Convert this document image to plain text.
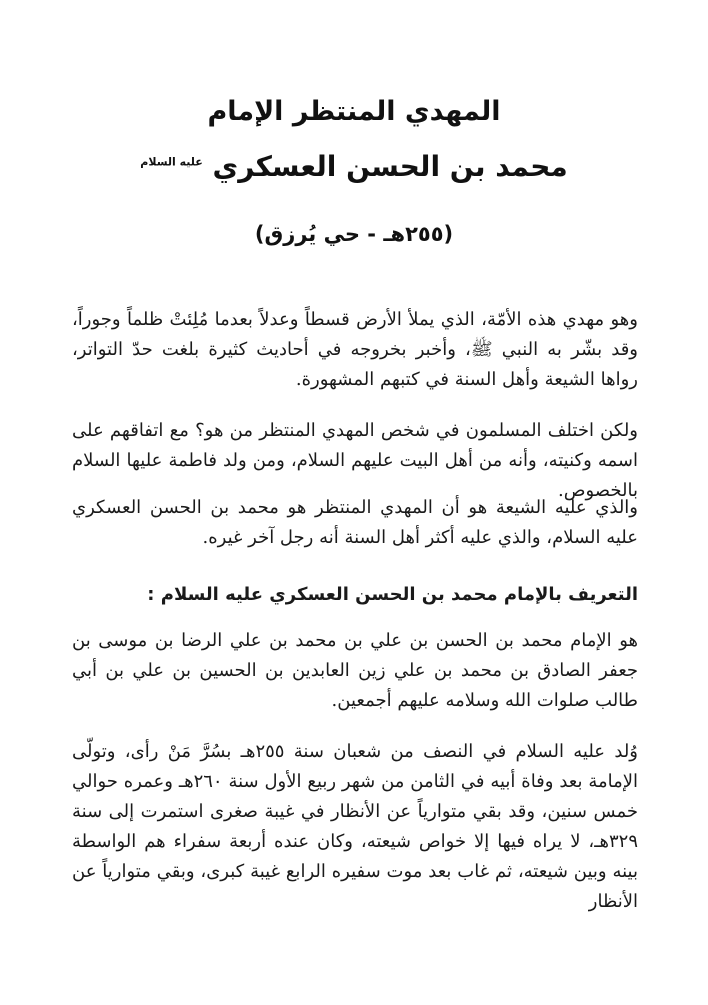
المهدي المنتظر الإمام
محمد بن الحسن العسكري $^{عليه السلام}$
(٢٥٥هـ - حي يُرزق)
وهو مهدي هذه الأمّة، الذي يملأ الأرض قسطاً وعدلاً بعدما مُلِئتْ ظلماً وجوراً، وقد بشّر به النبي ﷺ، وأخبر بخروجه في أحاديث كثيرة بلغت حدّ التواتر، رواها الشيعة وأهل السنة في كتبهم المشهورة.
ولكن اختلف المسلمون في شخص المهدي المنتظر من هو؟ مع اتفاقهم على اسمه وكنيته، وأنه من أهل البيت عليهم السلام، ومن ولد فاطمة عليها السلام بالخصوص.
والذي عليه الشيعة هو أن المهدي المنتظر هو محمد بن الحسن العسكري عليه السلام، والذي عليه أكثر أهل السنة أنه رجل آخر غيره.
التعريف بالإمام محمد بن الحسن العسكري عليه السلام :
هو الإمام محمد بن الحسن بن علي بن محمد بن علي الرضا بن موسى بن جعفر الصادق بن محمد بن علي زين العابدين بن الحسين بن علي بن أبي طالب صلوات الله وسلامه عليهم أجمعين.
وُلد عليه السلام في النصف من شعبان سنة ٢٥٥هـ بسُرَّ مَنْ رأى، وتولّى الإمامة بعد وفاة أبيه في الثامن من شهر ربيع الأول سنة ٢٦٠هـ وعمره حوالي خمس سنين، وقد بقي متوارياً عن الأنظار في غيبة صغرى استمرت إلى سنة ٣٢٩هـ، لا يراه فيها إلا خواص شيعته، وكان عنده أربعة سفراء هم الواسطة بينه وبين شيعته، ثم غاب بعد موت سفيره الرابع غيبة كبرى، وبقي متوارياً عن الأنظار
